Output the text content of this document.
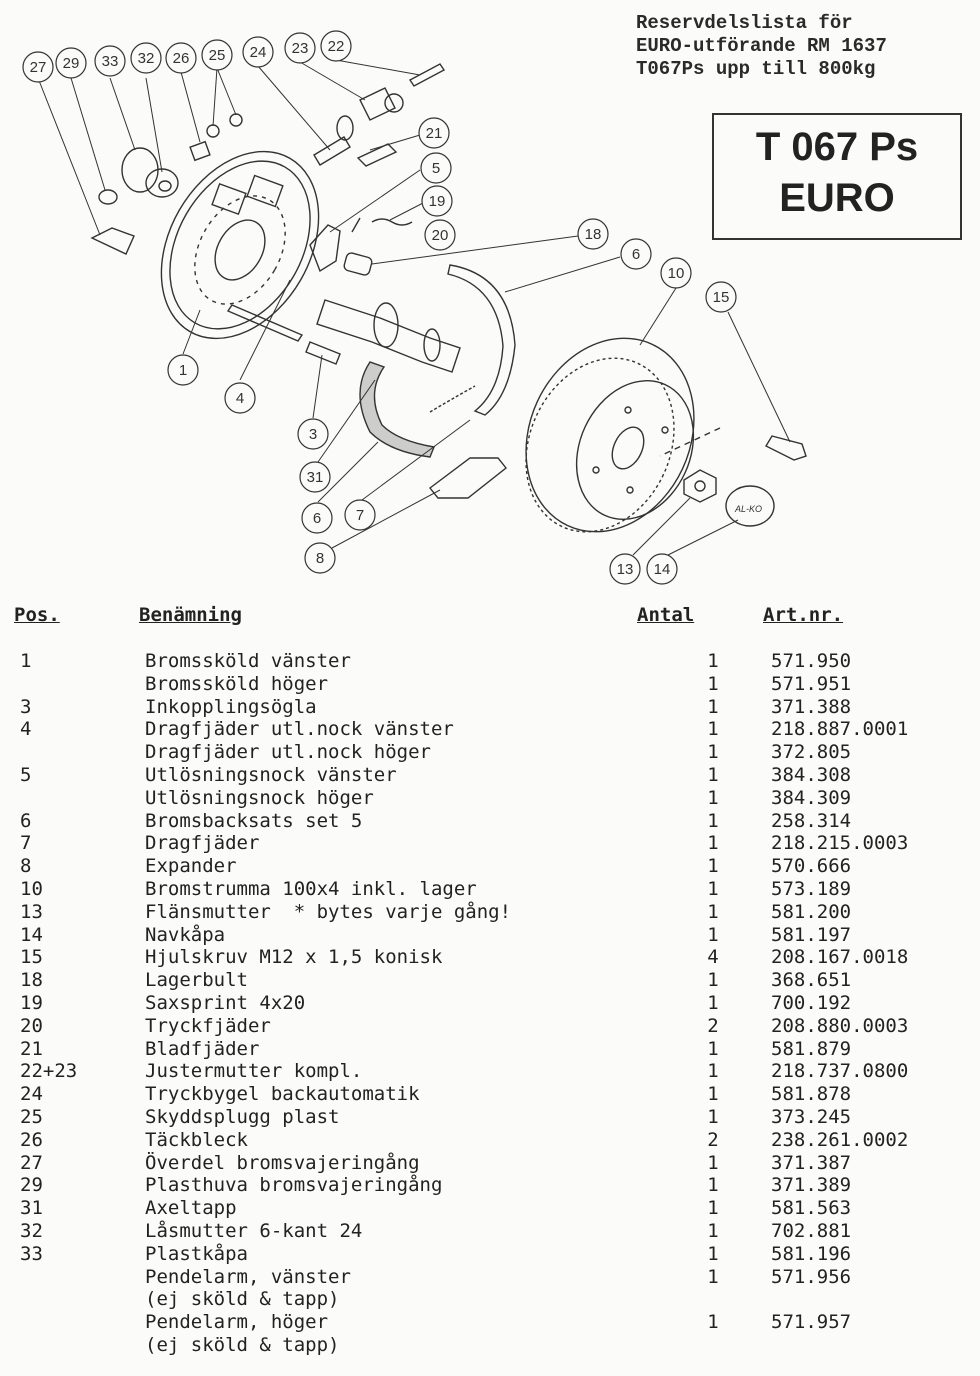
Reservdelslista för
EURO-utförande RM 1637
T067Ps upp till 800kg
T 067 Ps
EURO
AL-KO
27 29 33 32 26 25 24 23 22
21
5
19
20	18
6
10
15
1
4
3
31
6 7
8
13 14
Pos.	Benämning	Antal	Art.nr.
1	Bromssköld vänster	1	571.950
	Bromssköld höger	1	571.951
3	Inkopplingsögla	1	371.388
4	Dragfjäder utl.nock vänster	1	218.887.0001
	Dragfjäder utl.nock höger	1	372.805
5	Utlösningsnock vänster	1	384.308
	Utlösningsnock höger	1	384.309
6	Bromsbacksats set 5	1	258.314
7	Dragfjäder	1	218.215.0003
8	Expander	1	570.666
10	Bromstrumma 100x4 inkl. lager	1	573.189
13	Flänsmutter  * bytes varje gång!	1	581.200
14	Navkåpa	1	581.197
15	Hjulskruv M12 x 1,5 konisk	4	208.167.0018
18	Lagerbult	1	368.651
19	Saxsprint 4x20	1	700.192
20	Tryckfjäder	2	208.880.0003
21	Bladfjäder	1	581.879
22+23	Justermutter kompl.	1	218.737.0800
24	Tryckbygel backautomatik	1	581.878
25	Skyddsplugg plast	1	373.245
26	Täckbleck	2	238.261.0002
27	Överdel bromsvajeringång	1	371.387
29	Plasthuva bromsvajeringång	1	371.389
31	Axeltapp	1	581.563
32	Låsmutter 6-kant 24	1	702.881
33	Plastkåpa	1	581.196
	Pendelarm, vänster	1	571.956
	(ej sköld & tapp)		
	Pendelarm, höger	1	571.957
	(ej sköld & tapp)		
